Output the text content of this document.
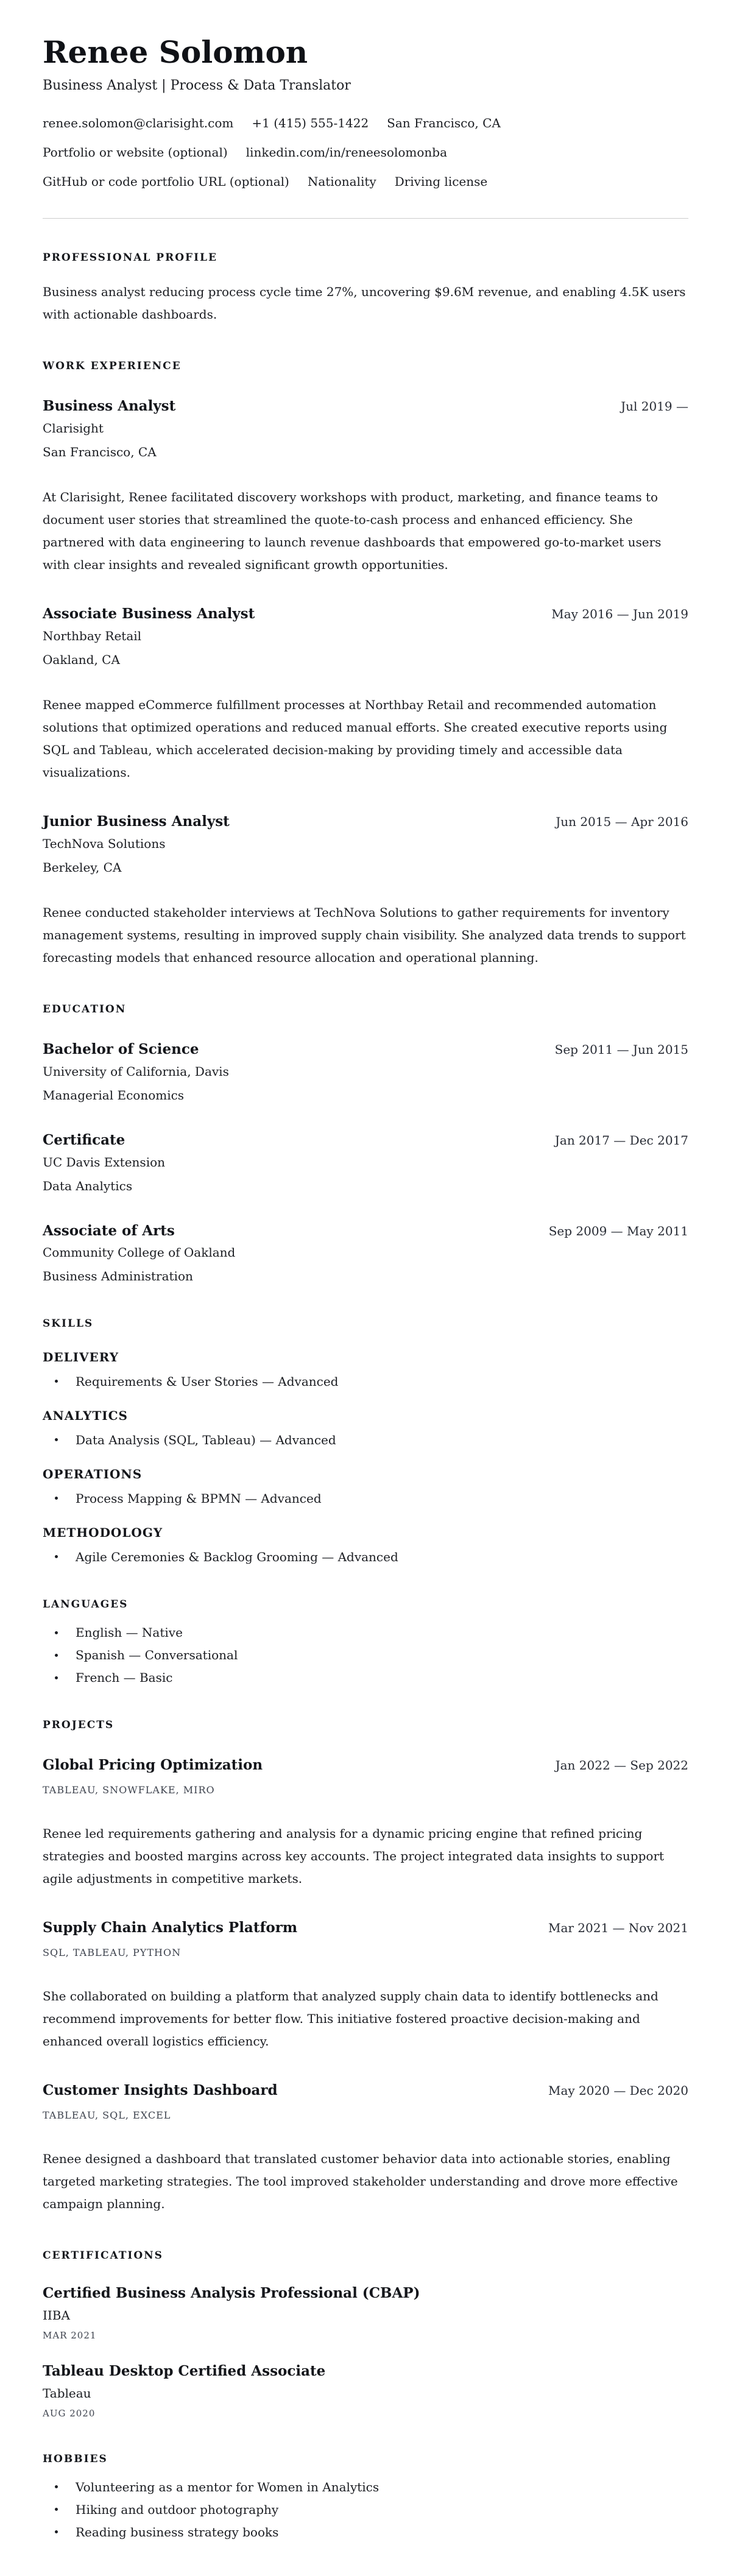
Renee Solomon
Business Analyst | Process & Data Translator
renee.solomon@clarisight.com +1 (415) 555-1422 San Francisco, CA
Portfolio or website (optional) linkedin.com/in/reneesolomonba
GitHub or code portfolio URL (optional) Nationality Driving license
PROFESSIONAL PROFILE
Business analyst reducing process cycle time 27%, uncovering $9.6M revenue, and enabling 4.5K users with actionable dashboards.
WORK EXPERIENCE
Business Analyst	Jul 2019 —
Clarisight
San Francisco, CA
At Clarisight, Renee facilitated discovery workshops with product, marketing, and finance teams to document user stories that streamlined the quote-to-cash process and enhanced efficiency. She partnered with data engineering to launch revenue dashboards that empowered go-to-market users with clear insights and revealed significant growth opportunities.
Associate Business Analyst	May 2016 — Jun 2019
Northbay Retail
Oakland, CA
Renee mapped eCommerce fulfillment processes at Northbay Retail and recommended automation solutions that optimized operations and reduced manual efforts. She created executive reports using SQL and Tableau, which accelerated decision-making by providing timely and accessible data visualizations.
Junior Business Analyst	Jun 2015 — Apr 2016
TechNova Solutions
Berkeley, CA
Renee conducted stakeholder interviews at TechNova Solutions to gather requirements for inventory management systems, resulting in improved supply chain visibility. She analyzed data trends to support forecasting models that enhanced resource allocation and operational planning.
EDUCATION
Bachelor of Science	Sep 2011 — Jun 2015
University of California, Davis
Managerial Economics
Certificate	Jan 2017 — Dec 2017
UC Davis Extension
Data Analytics
Associate of Arts	Sep 2009 — May 2011
Community College of Oakland
Business Administration
SKILLS
DELIVERY
Requirements & User Stories — Advanced
ANALYTICS
Data Analysis (SQL, Tableau) — Advanced
OPERATIONS
Process Mapping & BPMN — Advanced
METHODOLOGY
Agile Ceremonies & Backlog Grooming — Advanced
LANGUAGES
English — Native
Spanish — Conversational
French — Basic
PROJECTS
Global Pricing Optimization	Jan 2022 — Sep 2022
TABLEAU, SNOWFLAKE, MIRO
Renee led requirements gathering and analysis for a dynamic pricing engine that refined pricing strategies and boosted margins across key accounts. The project integrated data insights to support agile adjustments in competitive markets.
Supply Chain Analytics Platform	Mar 2021 — Nov 2021
SQL, TABLEAU, PYTHON
She collaborated on building a platform that analyzed supply chain data to identify bottlenecks and recommend improvements for better flow. This initiative fostered proactive decision-making and enhanced overall logistics efficiency.
Customer Insights Dashboard	May 2020 — Dec 2020
TABLEAU, SQL, EXCEL
Renee designed a dashboard that translated customer behavior data into actionable stories, enabling targeted marketing strategies. The tool improved stakeholder understanding and drove more effective campaign planning.
CERTIFICATIONS
Certified Business Analysis Professional (CBAP)
IIBA
MAR 2021
Tableau Desktop Certified Associate
Tableau
AUG 2020
HOBBIES
Volunteering as a mentor for Women in Analytics
Hiking and outdoor photography
Reading business strategy books
